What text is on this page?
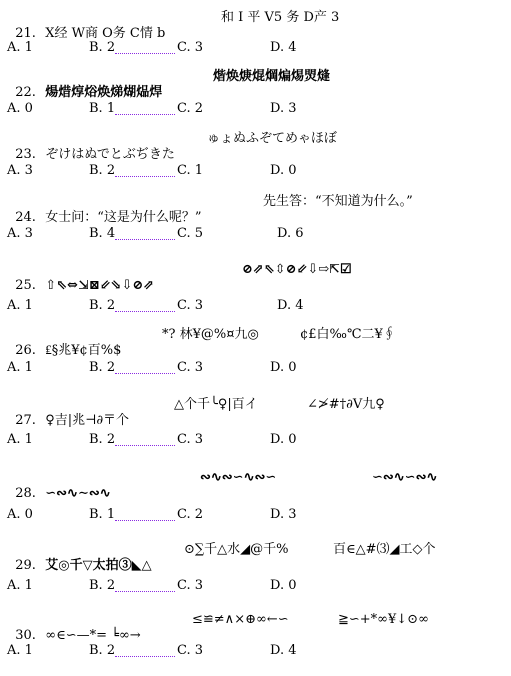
21. X经 W商 O务 C情 b

和 I 平 V5 务 D产 3

A. 1	B. 2	C. 3	D. 4

22. 煬焟焞焀焕焍煳煰焊

煯焕焿焜焵煸焬焽熢

A. 0	B. 1	C. 2	D. 3

23. ぞけはぬでとぶぢきた

ゅょぬふぞてめゃほぼ

A. 3	B. 2	C. 1	D. 0

24. 女士问：“这是为什么呢？”

先生答：“不知道为什么。”

A. 3	B. 4	C. 5	D. 6

25. ⇧⇖⇔⇲⊠⇙⇘⇩⊘⇗

⊘⇗⇖⇳⊘⇙⇩⇨⇱☑

A. 1	B. 2	C. 3	D. 4

26. ₤§兆¥¢百%$

*? 林¥@%¤九◎

	¢£白‰℃二¥∮

A. 1	B. 2	C. 3	D. 0

27. ♀吉|兆⊣∂〒个

△个千╰♀|百イ

	∠≯#†∂V九♀

A. 1	B. 2	C. 3	D. 0

28. ∽∾∿∼∾∿

∾∿∾∽∿∾∽

	∽∾∿∽∾∿

A. 0	B. 1	C. 2	D. 3

29. 艾◎千▽太拍③◣△

⊙∑千△水◢@千%

	百∈△#⑶◢工◇个

A. 1	B. 2	C. 3	D. 0

30. ∞∈∽—*= ╘∞→

≤≌≠∧×⊕∞←∽

	≧∽+*∞¥↓⊙∞

A. 1	B. 2	C. 3	D. 4
